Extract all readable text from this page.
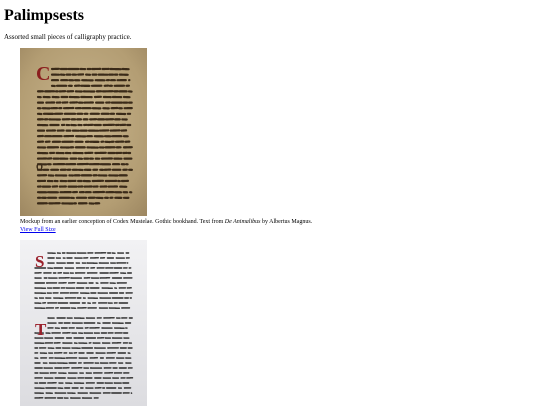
Palimpsests

Assorted small pieces of calligraphy practice.

C
O

Mockup from an earlier conception of Codex Mustelae. Gothic bookhand. Text from De Animalibus by Albertus Magnus.

View Full Size
S
T
